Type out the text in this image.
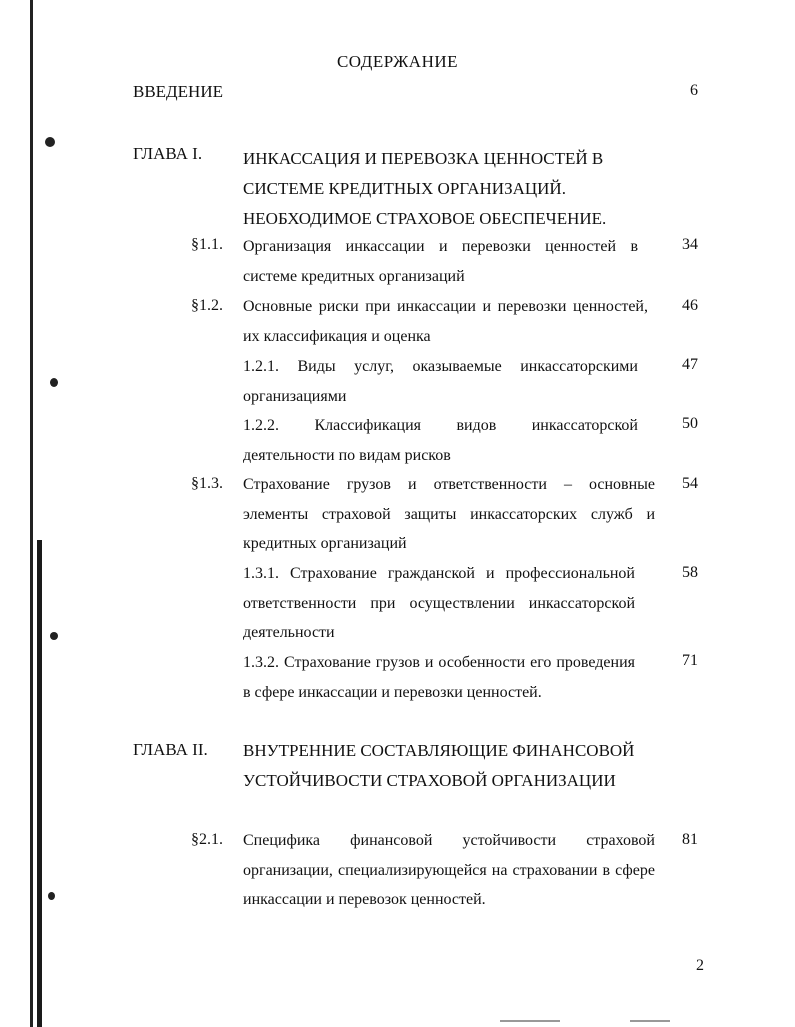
СОДЕРЖАНИЕ
ВВЕДЕНИЕ	6
ГЛАВА I. ИНКАССАЦИЯ И ПЕРЕВОЗКА ЦЕННОСТЕЙ В СИСТЕМЕ КРЕДИТНЫХ ОРГАНИЗАЦИЙ. НЕОБХОДИМОЕ СТРАХОВОЕ ОБЕСПЕЧЕНИЕ.
§1.1. Организация инкассации и перевозки ценностей в системе кредитных организаций
34
§1.2. Основные риски при инкассации и перевозки ценностей, их классификация и оценка
46
1.2.1. Виды услуг, оказываемые инкассаторскими организациями
47
1.2.2. Классификация видов инкассаторской деятельности по видам рисков
50
§1.3. Страхование грузов и ответственности – основные элементы страховой защиты инкассаторских служб и кредитных организаций
54
1.3.1. Страхование гражданской и профессиональной ответственности при осуществлении инкассаторской деятельности
58
1.3.2. Страхование грузов и особенности его проведения в сфере инкассации и перевозки ценностей.
71
ГЛАВА II. ВНУТРЕННИЕ СОСТАВЛЯЮЩИЕ ФИНАНСОВОЙ УСТОЙЧИВОСТИ СТРАХОВОЙ ОРГАНИЗАЦИИ
§2.1. Специфика финансовой устойчивости страховой организации, специализирующейся на страховании в сфере инкассации и перевозок ценностей.
81
2
